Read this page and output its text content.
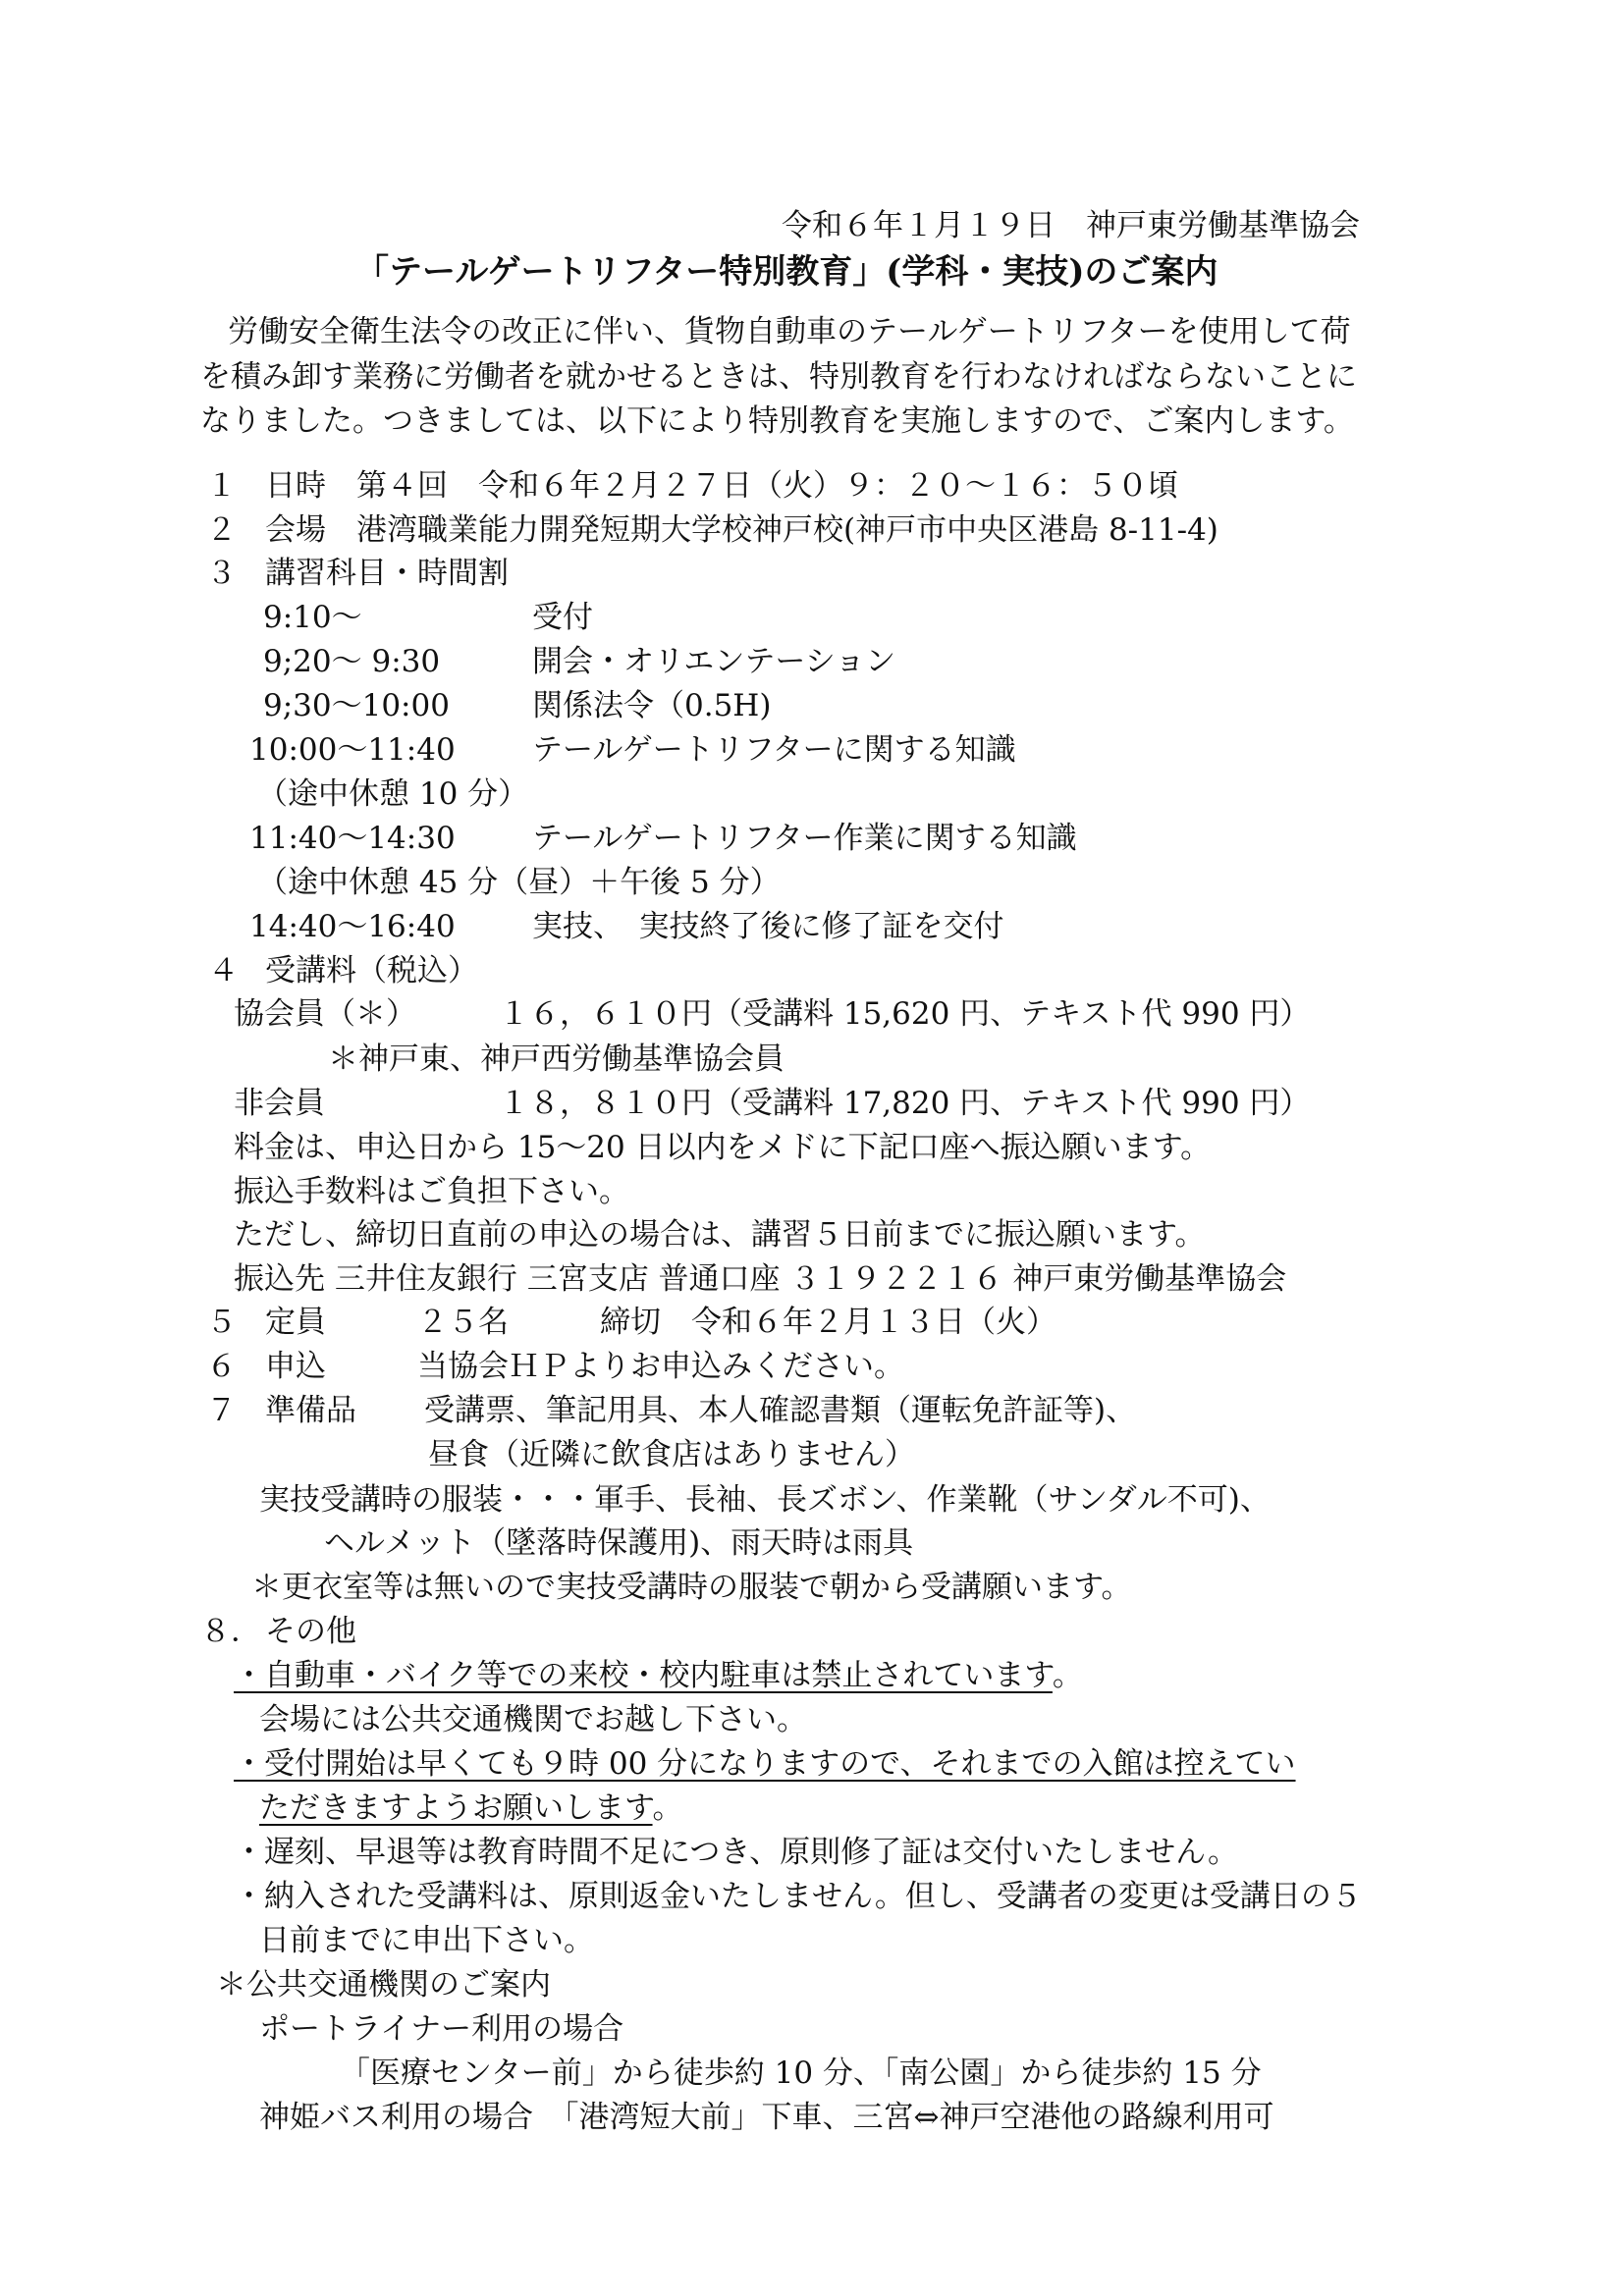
令和６年１月１９日　神戸東労働基準協会
「テールゲートリフター特別教育」(学科・実技)のご案内
労働安全衛生法令の改正に伴い、貨物自動車のテールゲートリフターを使用して荷
を積み卸す業務に労働者を就かせるときは、特別教育を行わなければならないことに
なりました。つきましては、以下により特別教育を実施しますので、ご案内します。
１ 日時　第４回　令和６年２月２７日（火）９：２０～１６：５０頃
２ 会場　港湾職業能力開発短期大学校神戸校(神戸市中央区港島 8-11-4)
３ 講習科目・時間割
9:10～	受付
9;20～ 9:30	開会・オリエンテーション
9;30～10:00	関係法令（0.5H)
10:00～11:40	テールゲートリフターに関する知識
（途中休憩 10 分）
11:40～14:30	テールゲートリフター作業に関する知識
（途中休憩 45 分（昼）＋午後 5 分）
14:40～16:40	実技、　実技終了後に修了証を交付
４ 受講料（税込）
協会員（＊）	１６，６１０円（受講料 15,620 円、テキスト代 990 円）
＊神戸東、神戸西労働基準協会員
非会員	１８，８１０円（受講料 17,820 円、テキスト代 990 円）
料金は、申込日から 15～20 日以内をメドに下記口座へ振込願います。
振込手数料はご負担下さい。
ただし、締切日直前の申込の場合は、講習５日前までに振込願います。
振込先 三井住友銀行 三宮支店 普通口座 ３１９２２１６ 神戸東労働基準協会
５ 定員　　　２５名　　　締切　令和６年２月１３日（火）
６ 申込　　　当協会ＨＰよりお申込みください。
７ 準備品 受講票、筆記用具、本人確認書類（運転免許証等)、
昼食（近隣に飲食店はありません）
実技受講時の服装・・・軍手、長袖、長ズボン、作業靴（サンダル不可)、
ヘルメット（墜落時保護用)、雨天時は雨具
＊更衣室等は無いので実技受講時の服装で朝から受講願います。
８． その他
・自動車・バイク等での来校・校内駐車は禁止されています。
会場には公共交通機関でお越し下さい。
・受付開始は早くても９時 00 分になりますので、それまでの入館は控えてい
ただきますようお願いします。
・遅刻、早退等は教育時間不足につき、原則修了証は交付いたしません。
・納入された受講料は、原則返金いたしません。但し、受講者の変更は受講日の５
日前までに申出下さい。
＊公共交通機関のご案内
ポートライナー利用の場合
「医療センター前」から徒歩約 10 分、「南公園」から徒歩約 15 分
神姫バス利用の場合　「港湾短大前」下車、三宮⇔神戸空港他の路線利用可
